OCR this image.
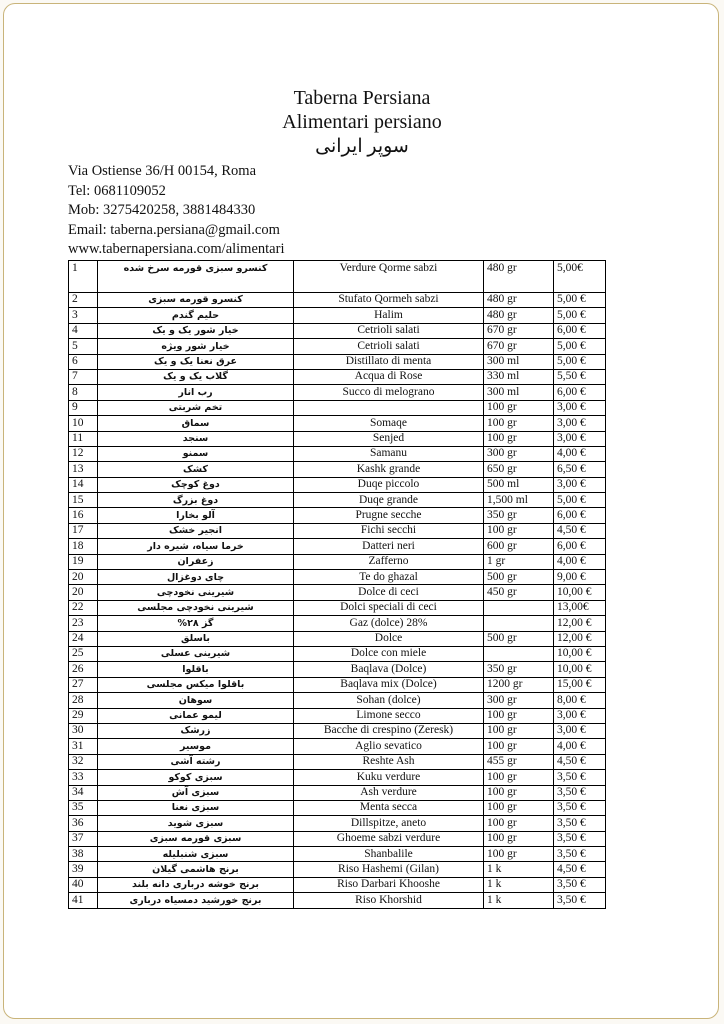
Taberna Persiana
Alimentari persiano
سوپر ایرانی
Via Ostiense 36/H 00154, Roma
Tel: 0681109052
Mob: 3275420258, 3881484330
Email: taberna.persiana@gmail.com
www.tabernapersiana.com/alimentari
1	کنسرو سبزی قورمه سرخ شده	Verdure Qorme sabzi	480 gr	5,00€
2	کنسرو قورمه سبزی	Stufato Qormeh sabzi	480 gr	5,00 €
3	حلیم گندم	Halim	480 gr	5,00 €
4	خیار شور یک و یک	Cetrioli salati	670 gr	6,00 €
5	خیار شور ویژه	Cetrioli salati	670 gr	5,00 €
6	عرق نعنا یک و یک	Distillato di menta	300 ml	5,00 €
7	گلاب یک و یک	Acqua di Rose	330 ml	5,50 €
8	رب انار	Succo di melograno	300 ml	6,00 €
9	تخم شربتی		100 gr	3,00 €
10	سماق	Somaqe	100 gr	3,00 €
11	سنجد	Senjed	100 gr	3,00 €
12	سمنو	Samanu	300 gr	4,00 €
13	کشک	Kashk grande	650 gr	6,50 €
14	دوغ کوچک	Duqe piccolo	500 ml	3,00 €
15	دوغ بزرگ	Duqe grande	1,500 ml	5,00 €
16	آلو بخارا	Prugne secche	350 gr	6,00 €
17	انجیر خشک	Fichi secchi	100 gr	4,50 €
18	خرما سیاه، شیره دار	Datteri neri	600 gr	6,00 €
19	زعفران	Zafferno	1 gr	4,00 €
20	چای دوغزال	Te do ghazal	500 gr	9,00 €
20	شیرینی نخودچی	Dolce di ceci	450 gr	10,00 €
22	شیرینی نخودچی مجلسی	Dolci speciali di ceci		13,00€
23	گز ۲۸%	Gaz (dolce) 28%		12,00 €
24	باسلق	Dolce	500 gr	12,00 €
25	شیرینی عسلی	Dolce con miele		10,00 €
26	باقلوا	Baqlava (Dolce)	350 gr	10,00 €
27	باقلوا میکس مجلسی	Baqlava mix (Dolce)	1200 gr	15,00 €
28	سوهان	Sohan (dolce)	300 gr	8,00 €
29	لیمو عمانی	Limone secco	100 gr	3,00 €
30	زرشک	Bacche di crespino (Zeresk)	100 gr	3,00 €
31	موسیر	Aglio sevatico	100 gr	4,00 €
32	رشته آشی	Reshte Ash	455 gr	4,50 €
33	سبزی کوکو	Kuku verdure	100 gr	3,50 €
34	سبزی آش	Ash verdure	100 gr	3,50 €
35	سبزی نعنا	Menta secca	100 gr	3,50 €
36	سبزی شوید	Dillspitze, aneto	100 gr	3,50 €
37	سبزی قورمه سبزی	Ghoeme sabzi verdure	100 gr	3,50 €
38	سبزی شنبلیله	Shanbalile	100 gr	3,50 €
39	برنج هاشمی گیلان	Riso Hashemi (Gilan)	1 k	4,50 €
40	برنج خوشه درباری دانه بلند	Riso Darbari Khooshe	1 k	3,50 €
41	برنج خورشید دمسیاه درباری	Riso Khorshid	1 k	3,50 €
